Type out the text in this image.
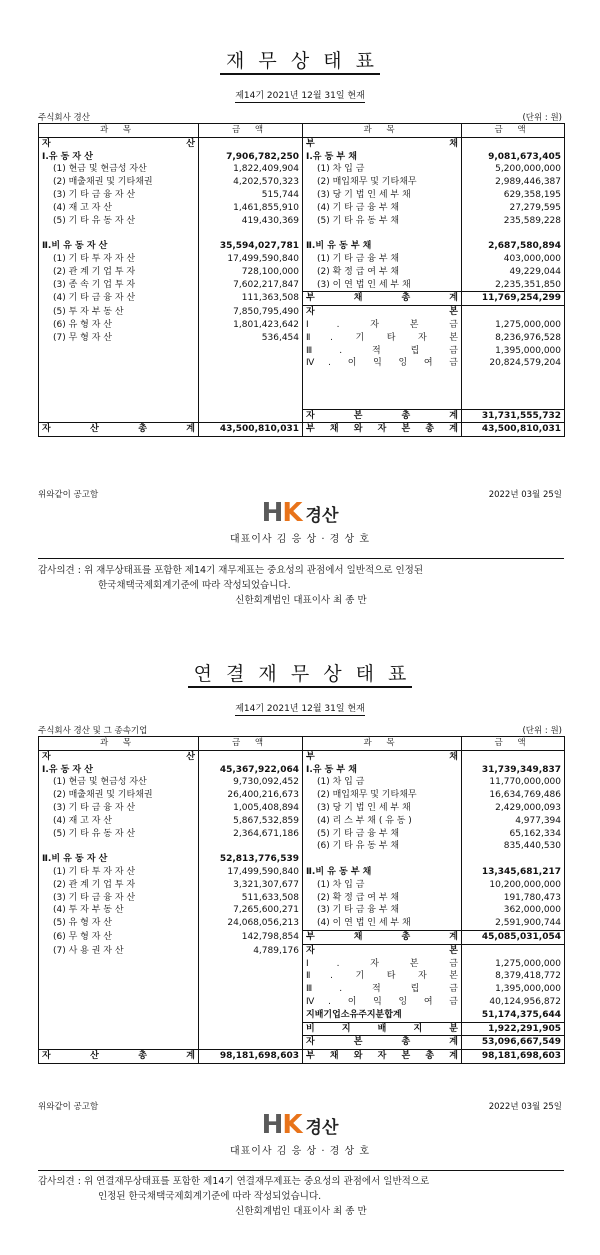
재 무 상 태 표
제14기 2021년 12월 31일 현재
주식회사 경산	(단위 : 원)
과 목	금 액	과 목	금 액

자 산		부 채	

Ⅰ.유 동 자 산	7,906,782,250	Ⅰ.유 동 부 채	9,081,673,405
(1) 현금 및 현금성 자산	1,822,409,904	(1) 차 입 금	5,200,000,000
(2) 매출채권 및 기타채권	4,202,570,323	(2) 매입채무 및 기타채무	2,989,446,387
(3) 기 타 금 융 자 산	515,744	(3) 당 기 법 인 세 부 채	629,358,195
(4) 재 고 자 산	1,461,855,910	(4) 기 타 금 융 부 채	27,279,595
(5) 기 타 유 동 자 산	419,430,369	(5) 기 타 유 동 부 채	235,589,228

Ⅱ.비 유 동 자 산	35,594,027,781	Ⅱ.비 유 동 부 채	2,687,580,894
(1) 기 타 투 자 자 산	17,499,590,840	(1) 기 타 금 융 부 채	403,000,000
(2) 관 계 기 업 투 자	728,100,000	(2) 확 정 급 여 부 채	49,229,044
(3) 종 속 기 업 투 자	7,602,217,847	(3) 이 연 법 인 세 부 채	2,235,351,850
(4) 기 타 금 융 자 산	111,363,508	부 채 총 계	11,769,254,299
(5) 투 자 부 동 산	7,850,795,490	자 본	

(6) 유 형 자 산	1,801,423,642	Ⅰ. 자 본 금	1,275,000,000
(7) 무 형 자 산	536,454	Ⅱ. 기 타 자 본	8,236,976,528
		Ⅲ. 적 립 금	1,395,000,000
		Ⅳ. 이 익 잉 여 금	20,824,579,204

		자 본 총 계	31,731,555,732
자 산 총 계	43,500,810,031	부 채 와 자 본 총 계	43,500,810,031
위와같이 공고함	2022년 03월 25일
HK 경산
대표이사 김 응 상 · 경 상 호
감사의견 : 위 재무상태표를 포함한 제14기 재무제표는 중요성의 관점에서 일반적으로 인정된
한국채택국제회계기준에 따라 작성되었습니다.
신한회계법인 대표이사 최 종 만
연 결 재 무 상 태 표
제14기 2021년 12월 31일 현재
주식회사 경산 및 그 종속기업	(단위 : 원)
과 목	금 액	과 목	금 액

자 산		부 채	

Ⅰ.유 동 자 산	45,367,922,064	Ⅰ.유 동 부 채	31,739,349,837
(1) 현금 및 현금성 자산	9,730,092,452	(1) 차 입 금	11,770,000,000
(2) 매출채권 및 기타채권	26,400,216,673	(2) 매입채무 및 기타채무	16,634,769,486
(3) 기 타 금 융 자 산	1,005,408,894	(3) 당 기 법 인 세 부 채	2,429,000,093
(4) 재 고 자 산	5,867,532,859	(4) 리 스 부 채 ( 유 동 )	4,977,394
(5) 기 타 유 동 자 산	2,364,671,186	(5) 기 타 금 융 부 채	65,162,334
		(6) 기 타 유 동 부 채	835,440,530
Ⅱ.비 유 동 자 산	52,813,776,539		
(1) 기 타 투 자 자 산	17,499,590,840	Ⅱ.비 유 동 부 채	13,345,681,217
(2) 관 계 기 업 투 자	3,321,307,677	(1) 차 입 금	10,200,000,000
(3) 기 타 금 융 자 산	511,633,508	(2) 확 정 급 여 부 채	191,780,473
(4) 투 자 부 동 산	7,265,600,271	(3) 기 타 금 융 부 채	362,000,000
(5) 유 형 자 산	24,068,056,213	(4) 이 연 법 인 세 부 채	2,591,900,744
(6) 무 형 자 산	142,798,854	부 채 총 계	45,085,031,054
(7) 사 용 권 자 산	4,789,176	자 본	

		Ⅰ. 자 본 금	1,275,000,000
		Ⅱ. 기 타 자 본	8,379,418,772
		Ⅲ. 적 립 금	1,395,000,000
		Ⅳ. 이 익 잉 여 금	40,124,956,872
		지배기업소유주지분합계	51,174,375,644
		비 지 배 지 분	1,922,291,905
		자 본 총 계	53,096,667,549
자 산 총 계	98,181,698,603	부 채 와 자 본 총 계	98,181,698,603
위와같이 공고함	2022년 03월 25일
HK 경산
대표이사 김 응 상 · 경 상 호
감사의견 : 위 연결재무상태표를 포함한 제14기 연결재무제표는 중요성의 관점에서 일반적으로
인정된 한국채택국제회계기준에 따라 작성되었습니다.
신한회계법인 대표이사 최 종 만
